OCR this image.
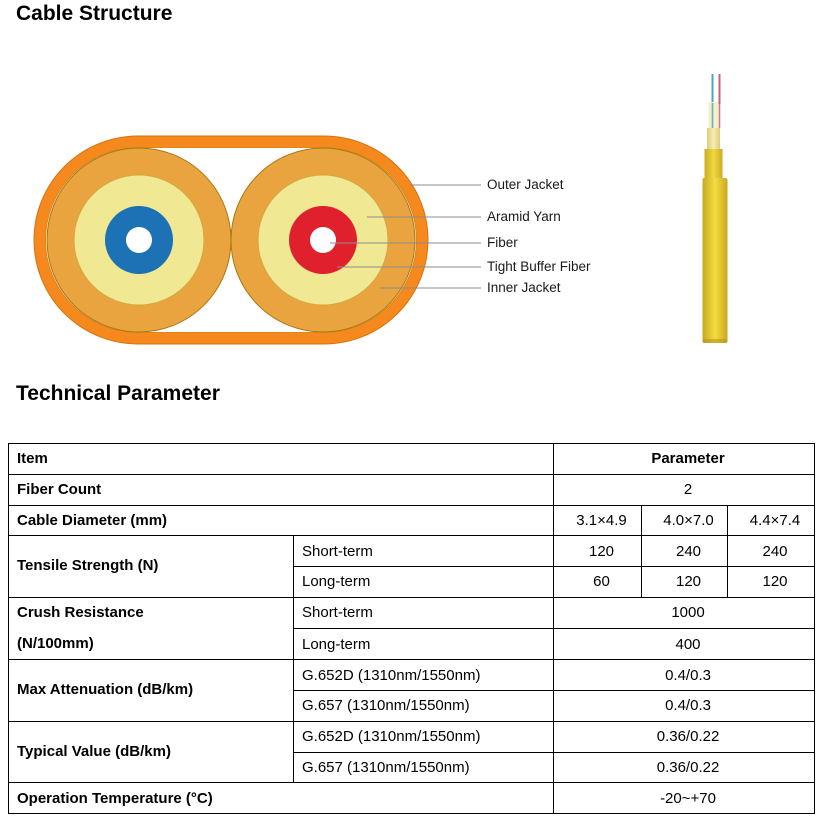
Cable Structure
Outer Jacket
Aramid Yarn
Fiber
Tight Buffer Fiber
Inner Jacket
Technical Parameter
Item		Parameter		
Fiber Count		2		
Cable Diameter (mm)		3.1×4.9	4.0×7.0	4.4×7.4
Tensile Strength (N)	Short-term	120	240	240
	Long-term	60	120	120

Crush Resistance
(N/100mm)	Short-term	1000		
	Long-term	400		
Max Attenuation (dB/km)	G.652D (1310nm/1550nm)	0.4/0.3		
	G.657 (1310nm/1550nm)	0.4/0.3		
Typical Value (dB/km)	G.652D (1310nm/1550nm)	0.36/0.22		
	G.657 (1310nm/1550nm)	0.36/0.22		
Operation Temperature (°C)		-20~+70		
